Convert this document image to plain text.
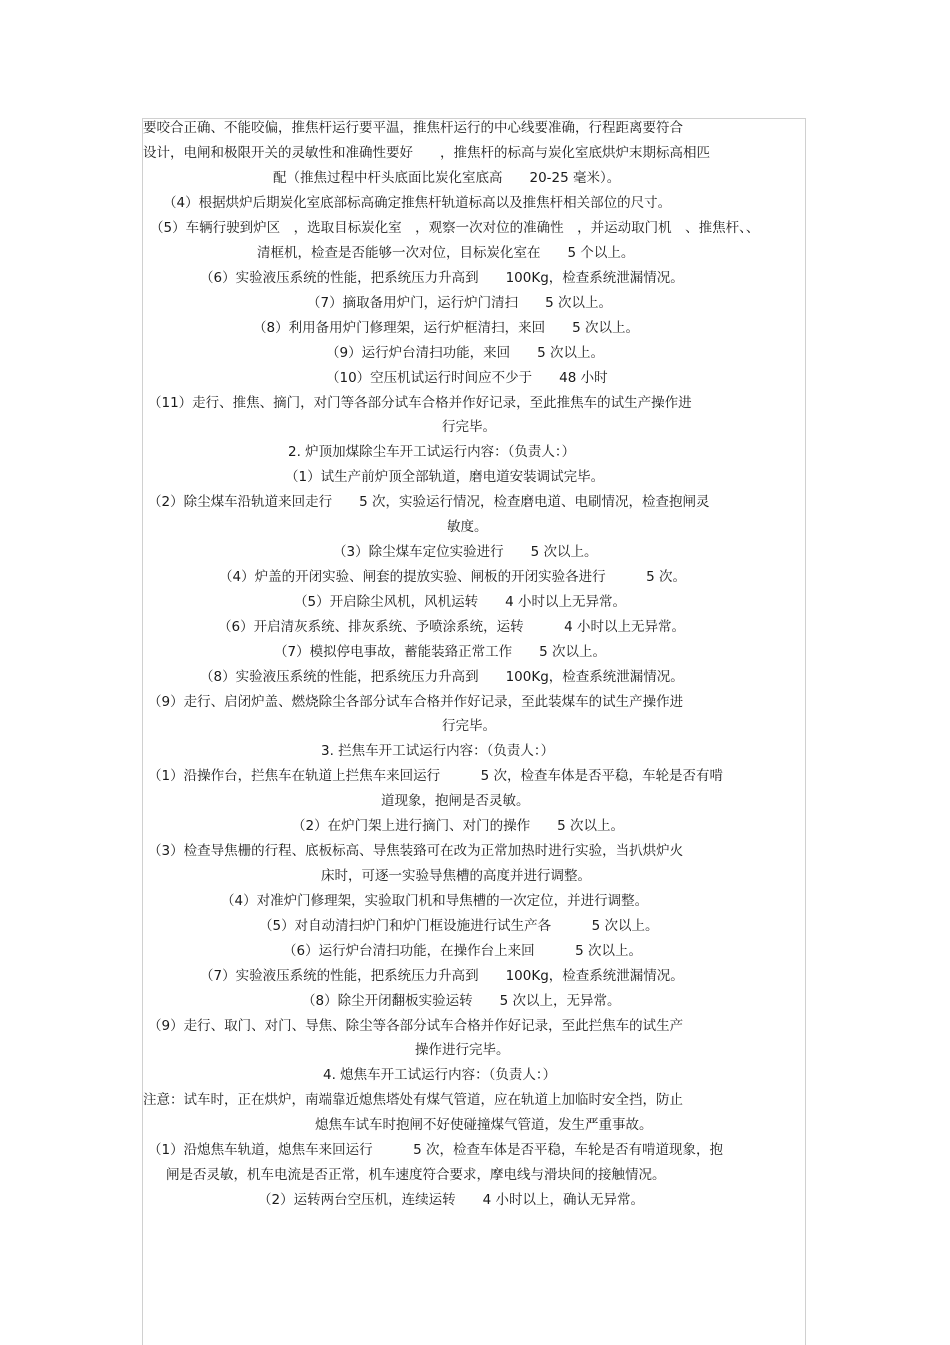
要咬合正确、不能咬偏，推焦杆运行要平温，推焦杆运行的中心线要准确，行程距离要符合
设计，电闸和极限开关的灵敏性和准确性要好　　，推焦杆的标高与炭化室底烘炉末期标高相匹
配（推焦过程中杆头底面比炭化室底高　　20-25 毫米）。
（4）根据烘炉后期炭化室底部标高确定推焦杆轨道标高以及推焦杆相关部位的尺寸。
（5）车辆行驶到炉区　，选取目标炭化室　，观察一次对位的准确性　，并运动取门机　、推焦杆、、
清框机，检查是否能够一次对位，目标炭化室在　　5 个以上。
（6）实验液压系统的性能，把系统压力升高到　　100Kg，检查系统泄漏情况。
（7）摘取备用炉门，运行炉门清扫　　5 次以上。
（8）利用备用炉门修理架，运行炉框清扫，来回　　5 次以上。
（9）运行炉台清扫功能，来回　　5 次以上。
（10）空压机试运行时间应不少于　　48 小时
（11）走行、推焦、摘门，对门等各部分试车合格并作好记录，至此推焦车的试生产操作进
行完毕。
2. 炉顶加煤除尘车开工试运行内容：（负责人：）
（1）试生产前炉顶全部轨道，磨电道安装调试完毕。
（2）除尘煤车沿轨道来回走行　　5 次，实验运行情况，检查磨电道、电刷情况，检查抱闸灵
敏度。
（3）除尘煤车定位实验进行　　5 次以上。
（4）炉盖的开闭实验、闸套的提放实验、闸板的开闭实验各进行　　　5 次。
（5）开启除尘风机，风机运转　　4 小时以上无异常。
（6）开启清灰系统、排灰系统、予喷涂系统，运转　　　4 小时以上无异常。
（7）模拟停电事故，蓄能装臵正常工作　　5 次以上。
（8）实验液压系统的性能，把系统压力升高到　　100Kg，检查系统泄漏情况。
（9）走行、启闭炉盖、燃烧除尘各部分试车合格并作好记录，至此装煤车的试生产操作进
行完毕。
3. 拦焦车开工试运行内容：（负责人：）
（1）沿操作台，拦焦车在轨道上拦焦车来回运行　　　5 次，检查车体是否平稳，车轮是否有啃
道现象，抱闸是否灵敏。
（2）在炉门架上进行摘门、对门的操作　　5 次以上。
（3）检查导焦栅的行程、底板标高、导焦装臵可在改为正常加热时进行实验，当扒烘炉火
床时，可逐一实验导焦槽的高度并进行调整。
（4）对准炉门修理架，实验取门机和导焦槽的一次定位，并进行调整。
（5）对自动清扫炉门和炉门框设施进行试生产各　　　5 次以上。
（6）运行炉台清扫功能，在操作台上来回　　　5 次以上。
（7）实验液压系统的性能，把系统压力升高到　　100Kg，检查系统泄漏情况。
（8）除尘开闭翻板实验运转　　5 次以上，无异常。
（9）走行、取门、对门、导焦、除尘等各部分试车合格并作好记录，至此拦焦车的试生产
操作进行完毕。
4. 熄焦车开工试运行内容：（负责人：）
注意：试车时，正在烘炉，南端靠近熄焦塔处有煤气管道，应在轨道上加临时安全挡，防止
熄焦车试车时抱闸不好使碰撞煤气管道，发生严重事故。
（1）沿熄焦车轨道，熄焦车来回运行　　　5 次，检查车体是否平稳，车轮是否有啃道现象，抱
闸是否灵敏，机车电流是否正常，机车速度符合要求，摩电线与滑块间的接触情况。
（2）运转两台空压机，连续运转　　4 小时以上，确认无异常。
